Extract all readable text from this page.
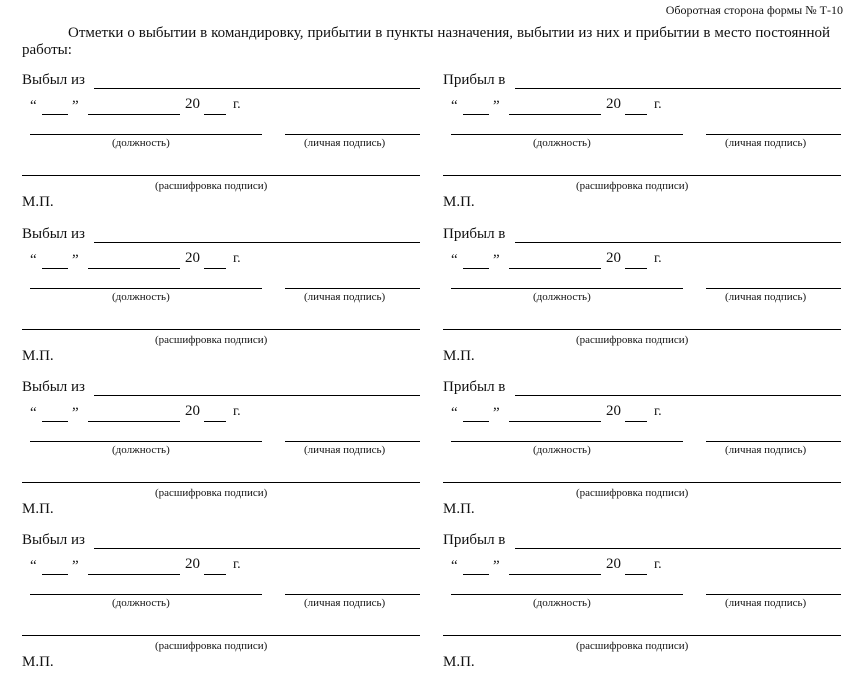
Оборотная сторона формы № Т-10
Отметки о выбытии в командировку, прибытии в пункты назначения, выбытии из них и прибытии в место постоянной работы:
Выбыл из
“ ”	20 г.
(должность)	(личная подпись)
(расшифровка подписи)
М.П.
Прибыл в
“ ”	20 г.
(должность)	(личная подпись)
(расшифровка подписи)
М.П.
Выбыл из
“ ”	20 г.
(должность)	(личная подпись)
(расшифровка подписи)
М.П.
Прибыл в
“ ”	20 г.
(должность)	(личная подпись)
(расшифровка подписи)
М.П.
Выбыл из
“ ”	20 г.
(должность)	(личная подпись)
(расшифровка подписи)
М.П.
Прибыл в
“ ”	20 г.
(должность)	(личная подпись)
(расшифровка подписи)
М.П.
Выбыл из
“ ”	20 г.
(должность)	(личная подпись)
(расшифровка подписи)
М.П.
Прибыл в
“ ”	20 г.
(должность)	(личная подпись)
(расшифровка подписи)
М.П.
